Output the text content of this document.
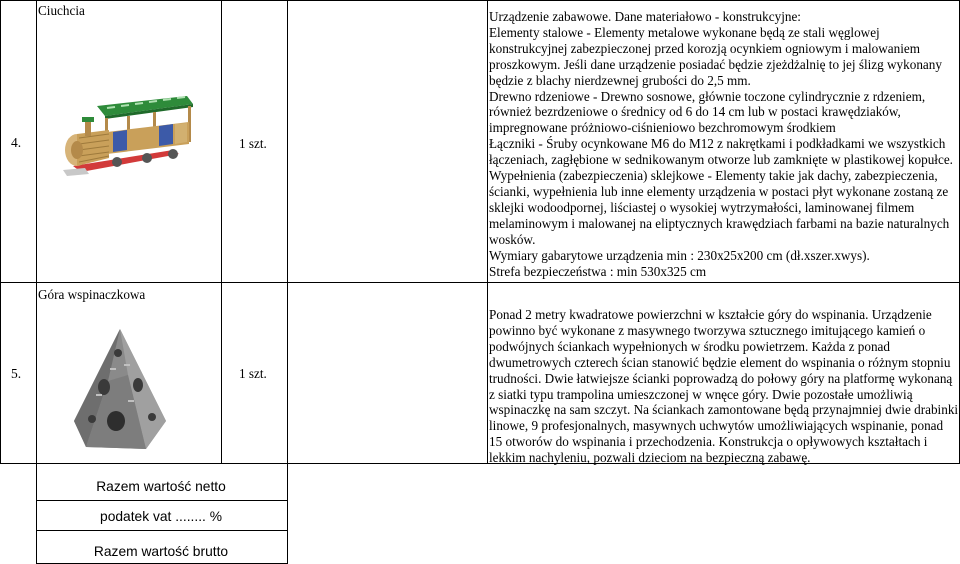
4.
Ciuchcia
1 szt.

Urządzenie zabawowe. Dane materiałowo - konstrukcyjne:

Elementy stalowe - Elementy metalowe wykonane będą ze stali węglowej konstrukcyjnej zabezpieczonej przed korozją ocynkiem ogniowym i malowaniem proszkowym. Jeśli dane urządzenie posiadać będzie zjeżdżalnię to jej ślizg wykonany będzie z blachy nierdzewnej grubości do 2,5 mm.

Drewno rdzeniowe - Drewno sosnowe, głównie toczone cylindrycznie z rdzeniem, również bezrdzeniowe o średnicy od 6 do 14 cm lub w postaci krawędziaków, impregnowane próżniowo-ciśnieniowo bezchromowym środkiem

Łączniki - Śruby ocynkowane M6 do M12 z nakrętkami i podkładkami we wszystkich łączeniach, zagłębione w sednikowanym otworze lub zamknięte w plastikowej kopułce.

Wypełnienia (zabezpieczenia) sklejkowe - Elementy takie jak dachy, zabezpieczenia, ścianki, wypełnienia lub inne elementy urządzenia w postaci płyt wykonane zostaną ze sklejki wodoodpornej, liściastej o wysokiej wytrzymałości, laminowanej filmem melaminowym i malowanej na eliptycznych krawędziach farbami na bazie naturalnych wosków.

Wymiary gabarytowe urządzenia min : 230x25x200 cm (dł.xszer.xwys).

Strefa bezpieczeństwa : min 530x325 cm

5.
Góra wspinaczkowa
1 szt.

Ponad 2 metry kwadratowe powierzchni w kształcie góry do wspinania. Urządzenie powinno być wykonane z masywnego tworzywa sztucznego imitującego kamień o podwójnych ściankach wypełnionych w środku powietrzem. Każda z ponad dwumetrowych czterech ścian stanowić będzie element do wspinania o różnym stopniu trudności. Dwie łatwiejsze ścianki poprowadzą do połowy góry na platformę wykonaną z siatki typu trampolina umieszczonej w wnęce góry. Dwie pozostałe umożliwią wspinaczkę na sam szczyt. Na ściankach zamontowane będą przynajmniej dwie drabinki linowe, 9 profesjonalnych, masywnych uchwytów umożliwiających wspinanie, ponad 15 otworów do wspinania i przechodzenia. Konstrukcja o opływowych kształtach i lekkim nachyleniu, pozwali dzieciom na bezpieczną zabawę.

Razem wartość netto
podatek vat ........ %
Razem wartość brutto
